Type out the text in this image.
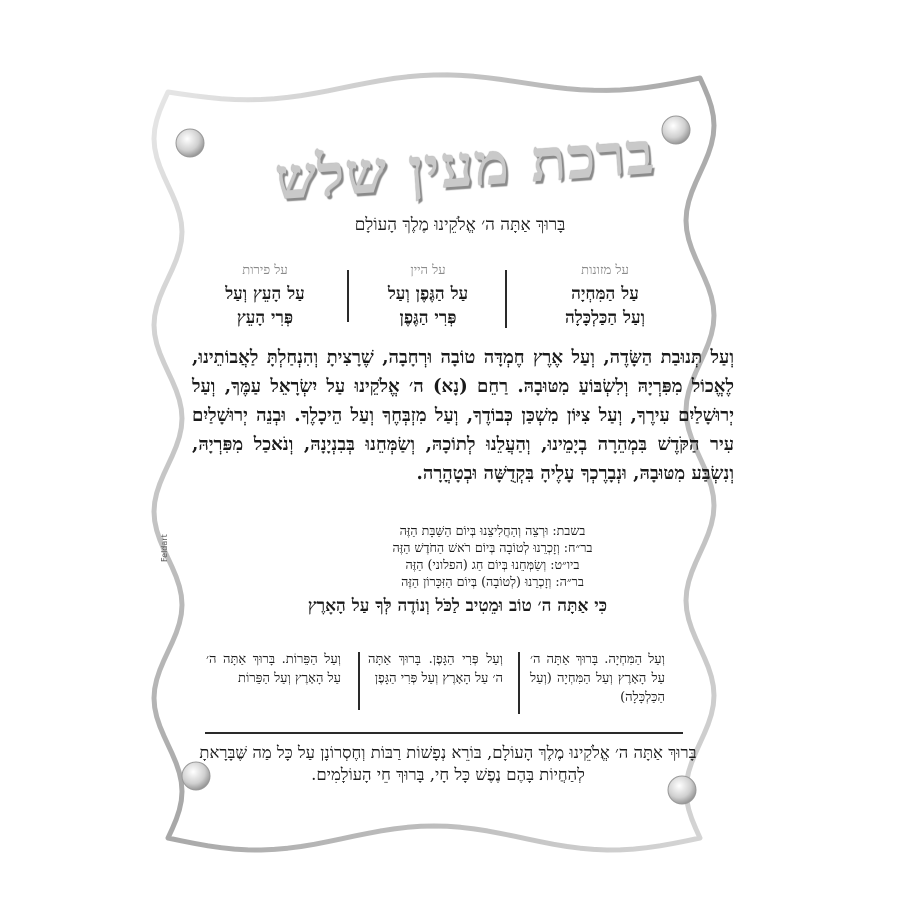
ברכת מעין שלש
בָּרוּךְ אַתָּה ה׳ אֱלֹקֵינוּ מֶלֶךְ הָעוֹלָם
על מזונות
עַל הַמִּחְיָה
וְעַל הַכַּלְכָּלָה
על היין
עַל הַגֶּפֶן וְעַל
פְּרִי הַגֶּפֶן
על פירות
עַל הָעֵץ וְעַל
פְּרִי הָעֵץ
וְעַל תְּנוּבַת הַשָּׂדֶה, וְעַל אֶרֶץ חֶמְדָּה טוֹבָה וּרְחָבָה, שֶׁרָצִיתָ וְהִנְחַלְתָּ לַאֲבוֹתֵינוּ, לֶאֱכוֹל מִפִּרְיָהּ וְלִשְׂבּוֹעַ מִטּוּבָהּ. רַחֵם (נָא) ה׳ אֱלֹקֵינוּ עַל יִשְׂרָאֵל עַמֶּךָ, וְעַל יְרוּשָׁלַיִם עִירֶךָ, וְעַל צִיּוֹן מִשְׁכַּן כְּבוֹדֶךָ, וְעַל מִזְבְּחֶךָ וְעַל הֵיכָלֶךָ. וּבְנֵה יְרוּשָׁלַיִם עִיר הַקֹּדֶשׁ בִּמְהֵרָה בְיָמֵינוּ, וְהַעֲלֵנוּ לְתוֹכָהּ, וְשַׂמְּחֵנוּ בְּבִנְיָנָהּ, וְנֹאכַל מִפִּרְיָהּ, וְנִשְׂבַּע מִטּוּבָהּ, וּנְבָרֶכְךָ עָלֶיהָ בִּקְדֻשָּׁה וּבְטָהֳרָה.
בשבת: וּרְצֵה וְהַחֲלִיצֵנוּ בְּיוֹם הַשַּׁבָּת הַזֶּה
בר״ח: וְזָכְרֵנוּ לְטוֹבָה בְּיוֹם רֹאשׁ הַחֹדֶשׁ הַזֶּה
ביו״ט: וְשַׂמְּחֵנוּ בְּיוֹם חַג (הפלוני) הַזֶּה
בר״ה: וְזָכְרֵנוּ (לְטוֹבָה) בְּיוֹם הַזִּכָּרוֹן הַזֶּה
כִּי אַתָּה ה׳ טוֹב וּמֵטִיב לַכֹּל וְנוֹדֶה לְּךָ עַל הָאָרֶץ
וְעַל הַמִּחְיָה. בָּרוּךְ אַתָּה ה׳ עַל הָאָרֶץ וְעַל הַמִּחְיָה (וְעַל הַכַּלְכָּלָה)
וְעַל פְּרִי הַגָּפֶן. בָּרוּךְ אַתָּה ה׳ עַל הָאָרֶץ וְעַל פְּרִי הַגָּפֶן
וְעַל הַפֵּרוֹת. בָּרוּךְ אַתָּה ה׳ עַל הָאָרֶץ וְעַל הַפֵּרוֹת
בָּרוּךְ אַתָּה ה׳ אֱלֹקֵינוּ מֶלֶךְ הָעוֹלָם, בּוֹרֵא נְפָשׁוֹת רַבּוֹת וְחֶסְרוֹנָן עַל כָּל מַה שֶּׁבָּרָאתָ לְהַחֲיוֹת בָּהֶם נֶפֶשׁ כָּל חָי, בָּרוּךְ חֵי הָעוֹלָמִים.
Feldart
